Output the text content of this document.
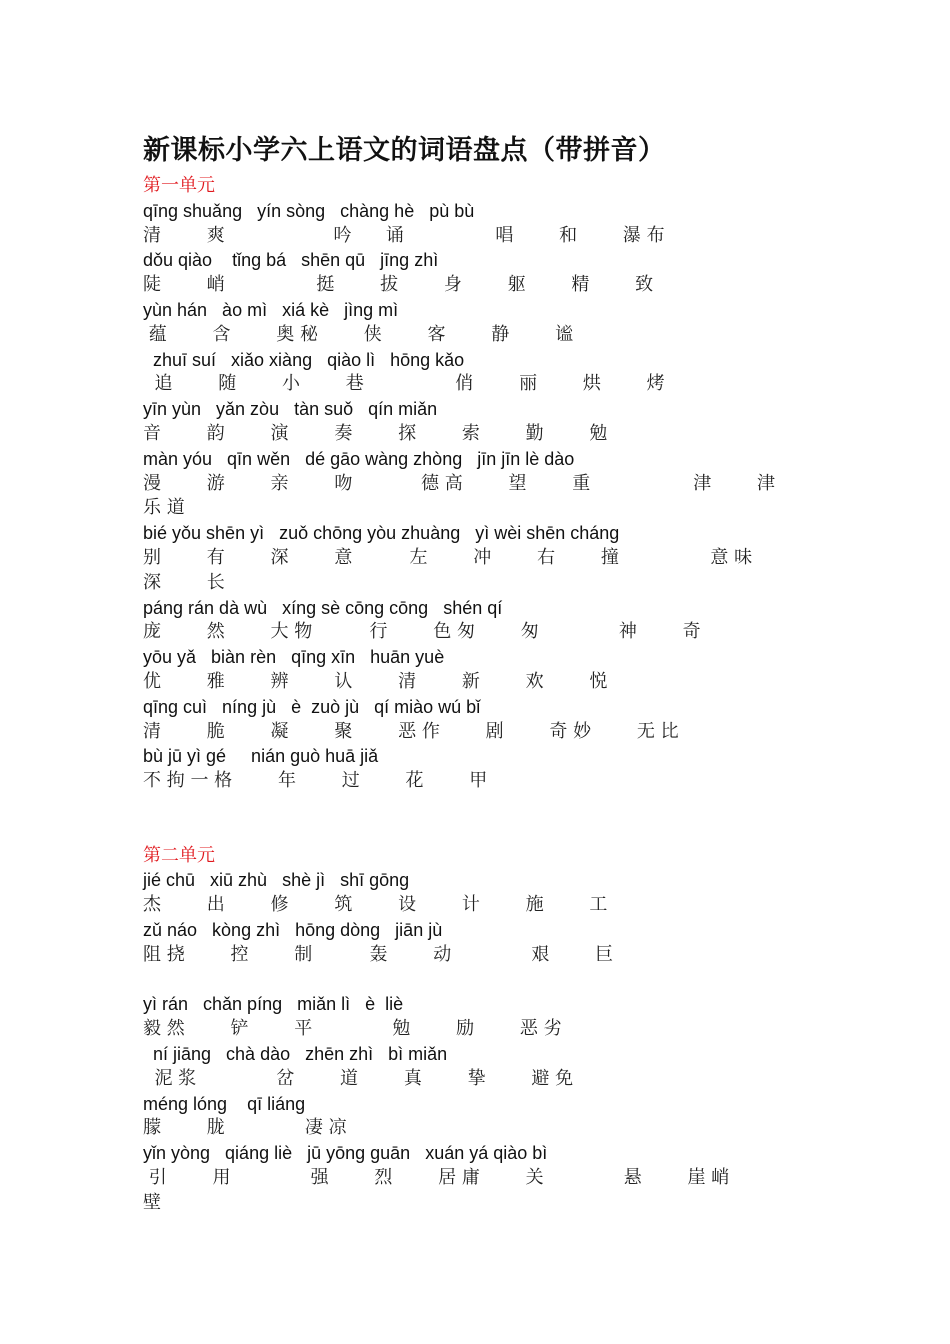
新课标小学六上语文的词语盘点（带拼音）
第一单元
qīng shuǎng   yín sòng   chàng hè   pù bù
清        爽                   吟      诵                唱        和        瀑 布
dǒu qiào    tǐng bá   shēn qū   jīng zhì
陡        峭                挺        拔        身        躯        精        致
yùn hán   ào mì   xiá kè   jìng mì
蕴        含        奥 秘        侠        客        静        谧
zhuī suí   xiǎo xiàng   qiào lì   hōng kǎo
追        随        小        巷                俏        丽        烘        烤
yīn yùn   yǎn zòu   tàn suǒ   qín miǎn
音        韵        演        奏        探        索        勤        勉
màn yóu   qīn wěn   dé gāo wàng zhòng   jīn jīn lè dào
漫        游        亲        吻            德 高        望        重                  津        津
乐 道
bié yǒu shēn yì   zuǒ chōng yòu zhuàng   yì wèi shēn cháng
别        有        深        意          左        冲        右        撞                意 味
深        长
páng rán dà wù   xíng sè cōng cōng   shén qí
庞        然        大 物          行        色 匆        匆              神        奇
yōu yǎ   biàn rèn   qīng xīn   huān yuè
优        雅        辨        认        清        新        欢        悦
qīng cuì   níng jù   è  zuò jù   qí miào wú bǐ
清        脆        凝        聚        恶 作        剧        奇 妙        无 比
bù jū yì gé     nián guò huā jiǎ
不 拘 一 格        年        过        花        甲
第二单元
jié chū   xiū zhù   shè jì   shī gōng
杰        出        修        筑        设        计        施        工
zǔ náo   kòng zhì   hōng dòng   jiān jù
阻 挠        控        制          轰        动              艰        巨
yì rán   chǎn píng   miǎn lì   è  liè
毅 然        铲        平              勉        励        恶 劣
ní jiāng   chà dào   zhēn zhì   bì miǎn
泥 浆              岔        道        真        挚        避 免
méng lóng    qī liáng
朦        胧              凄 凉
yǐn yòng   qiáng liè   jū yōng guān   xuán yá qiào bì
引        用              强        烈        居 庸        关              悬        崖 峭
壁
